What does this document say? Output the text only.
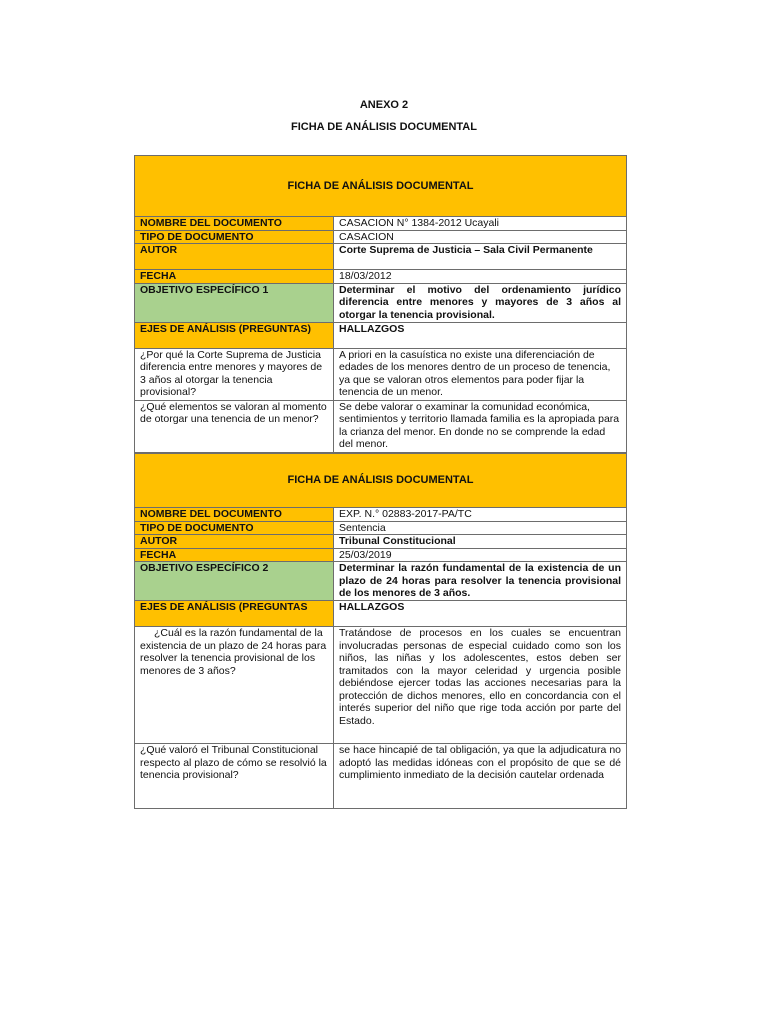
ANEXO 2
FICHA DE ANÁLISIS DOCUMENTAL
FICHA DE ANÁLISIS DOCUMENTAL	
NOMBRE DEL DOCUMENTO	CASACION N° 1384-2012 Ucayali
TIPO DE DOCUMENTO	CASACION
AUTOR	Corte Suprema de Justicia – Sala Civil Permanente
FECHA	18/03/2012
OBJETIVO ESPECÍFICO 1	Determinar el motivo del ordenamiento jurídico diferencia entre menores y mayores de 3 años al otorgar la tenencia provisional.
EJES DE ANÁLISIS (PREGUNTAS)	HALLAZGOS
¿Por qué la Corte Suprema de Justicia diferencia entre menores y mayores de 3 años al otorgar la tenencia provisional?	A priori en la casuística no existe una diferenciación de edades de los menores dentro de un proceso de tenencia, ya que se valoran otros elementos para poder fijar la tenencia de un menor.
¿Qué elementos se valoran al momento de otorgar una tenencia de un menor?	Se debe valorar o examinar la comunidad económica, sentimientos y territorio llamada familia es la apropiada para la crianza del menor. En donde no se comprende la edad del menor.
FICHA DE ANÁLISIS DOCUMENTAL	
NOMBRE DEL DOCUMENTO	EXP. N.° 02883-2017-PA/TC
TIPO DE DOCUMENTO	Sentencia
AUTOR	Tribunal Constitucional
FECHA	25/03/2019
OBJETIVO ESPECÍFICO 2	Determinar la razón fundamental de la existencia de un plazo de 24 horas para resolver la tenencia provisional de los menores de 3 años.
EJES DE ANÁLISIS (PREGUNTAS	HALLAZGOS
¿Cuál es la razón fundamental de la existencia de un plazo de 24 horas para resolver la tenencia provisional de los menores de 3 años?	Tratándose de procesos en los cuales se encuentran involucradas personas de especial cuidado como son los niños, las niñas y los adolescentes, estos deben ser tramitados con la mayor celeridad y urgencia posible debiéndose ejercer todas las acciones necesarias para la protección de dichos menores, ello en concordancia con el interés superior del niño que rige toda acción por parte del Estado.
¿Qué valoró el Tribunal Constitucional respecto al plazo de cómo se resolvió la tenencia provisional?	se hace hincapié de tal obligación, ya que la adjudicatura no adoptó las medidas idóneas con el propósito de que se dé cumplimiento inmediato de la decisión cautelar ordenada
